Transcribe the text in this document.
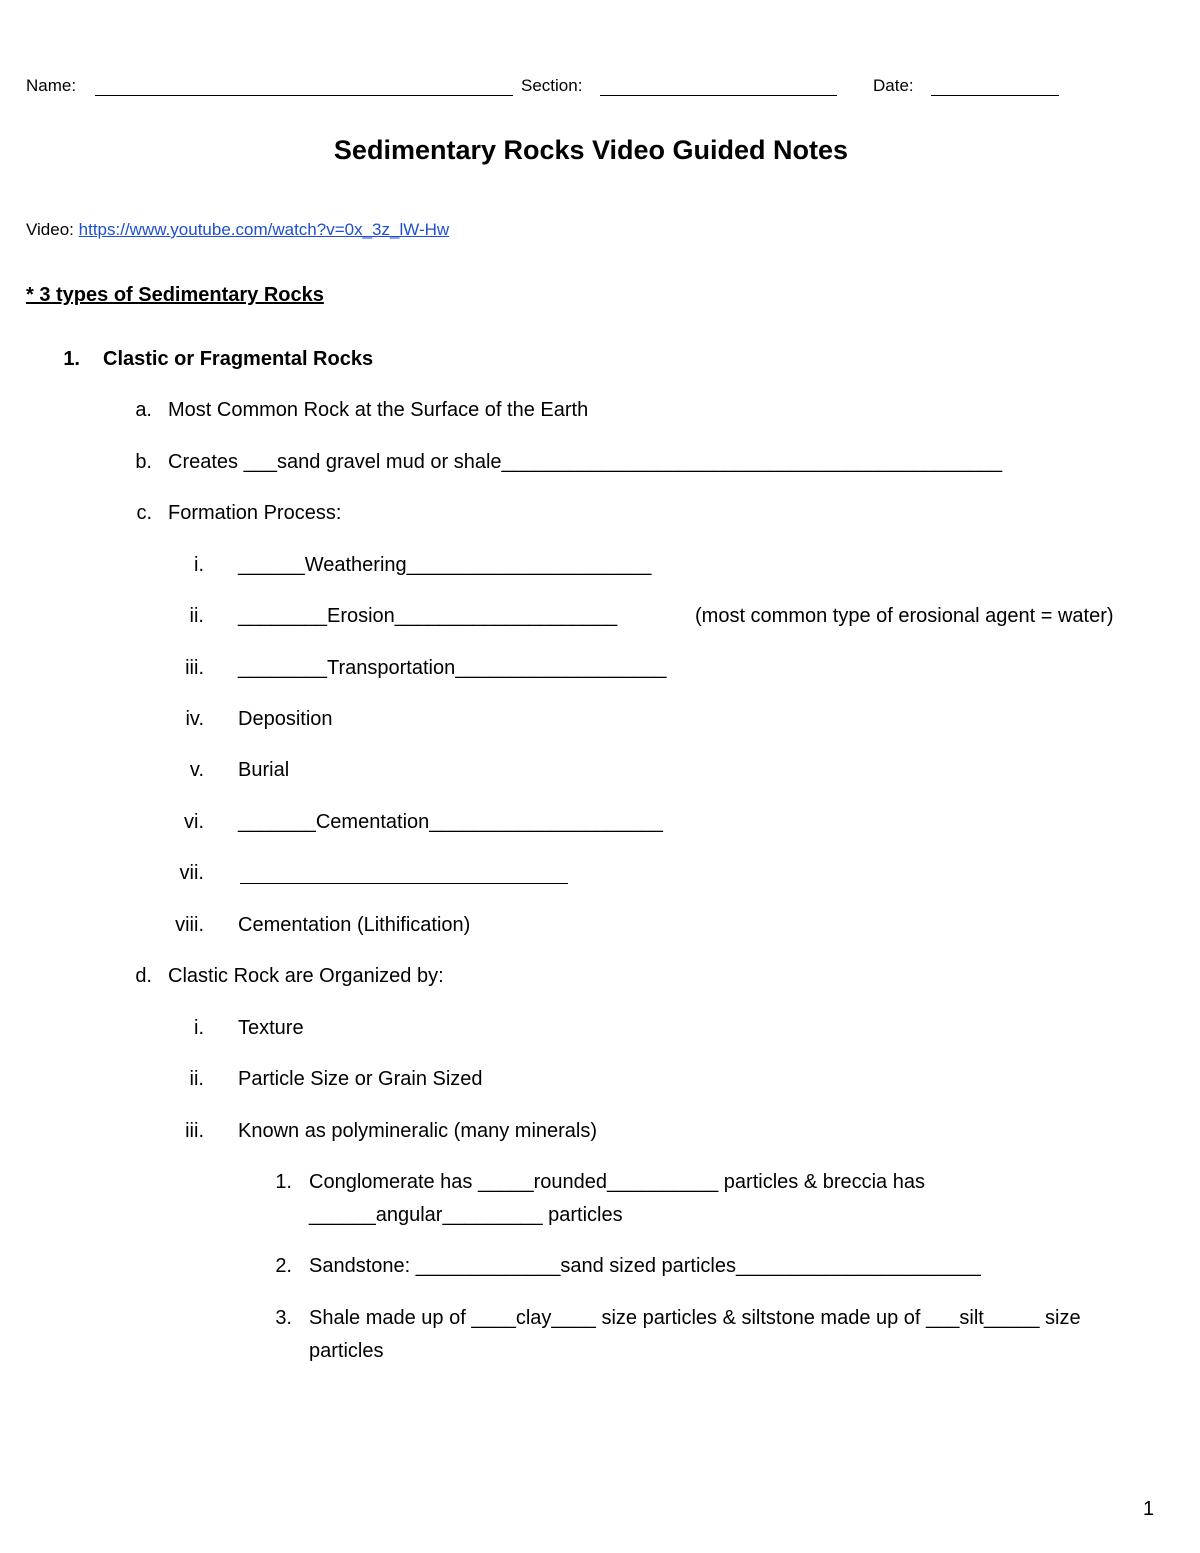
Name:	Section:	Date:
Sedimentary Rocks Video Guided Notes
Video: https://www.youtube.com/watch?v=0x_3z_lW-Hw
* 3 types of Sedimentary Rocks
1. Clastic or Fragmental Rocks
a. Most Common Rock at the Surface of the Earth
b. Creates ___sand gravel mud or shale_____________________________________________
c. Formation Process:
i. ______Weathering______________________
ii. ________Erosion____________________	(most common type of erosional agent = water)
iii. ________Transportation___________________
iv. Deposition
v. Burial
vi. _______Cementation_____________________
vii.
viii. Cementation (Lithification)
d. Clastic Rock are Organized by:
i. Texture
ii. Particle Size or Grain Sized
iii. Known as polymineralic (many minerals)
1. Conglomerate has _____rounded__________ particles & breccia has
______angular_________ particles
2. Sandstone: _____________sand sized particles______________________
3. Shale made up of ____clay____ size particles & siltstone made up of ___silt_____ size
particles
1
